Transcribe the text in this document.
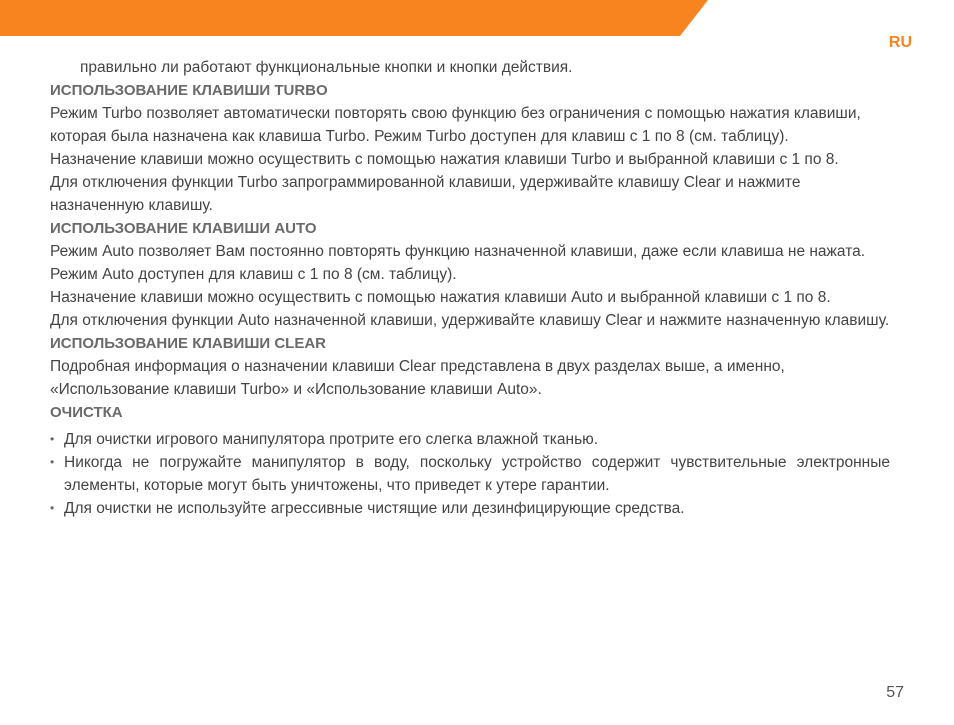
RU

правильно ли работают функциональные кнопки и кнопки действия.

ИСПОЛЬЗОВАНИЕ КЛАВИШИ TURBO

Режим Turbo позволяет автоматически повторять свою функцию без ограничения с помощью нажатия клавиши, которая была назначена как клавиша Turbo. Режим Turbo доступен для клавиш с 1 по 8 (см. таблицу).

Назначение клавиши можно осуществить с помощью нажатия клавиши Turbo и выбранной клавиши с 1 по 8.

Для отключения функции Turbo запрограммированной клавиши, удерживайте клавишу Clear и нажмите назначенную клавишу.

ИСПОЛЬЗОВАНИЕ КЛАВИШИ AUTO

Режим Auto позволяет Вам постоянно повторять функцию назначенной клавиши, даже если клавиша не нажата. Режим Auto доступен для клавиш с 1 по 8 (см. таблицу).

Назначение клавиши можно осуществить с помощью нажатия клавиши Auto и выбранной клавиши с 1 по 8.

Для отключения функции Auto назначенной клавиши, удерживайте клавишу Clear и нажмите назначенную клавишу.

ИСПОЛЬЗОВАНИЕ КЛАВИШИ CLEAR

Подробная информация о назначении клавиши Clear представлена в двух разделах выше, а именно, «Использование клавиши Turbo» и «Использование клавиши Auto».

ОЧИСТКА

• Для очистки игрового манипулятора протрите его слегка влажной тканью.
• Никогда не погружайте манипулятор в воду, поскольку устройство содержит чувствительные электронные элементы, которые могут быть уничтожены, что приведет к утере гарантии.
• Для очистки не используйте агрессивные чистящие или дезинфицирующие средства.
57
